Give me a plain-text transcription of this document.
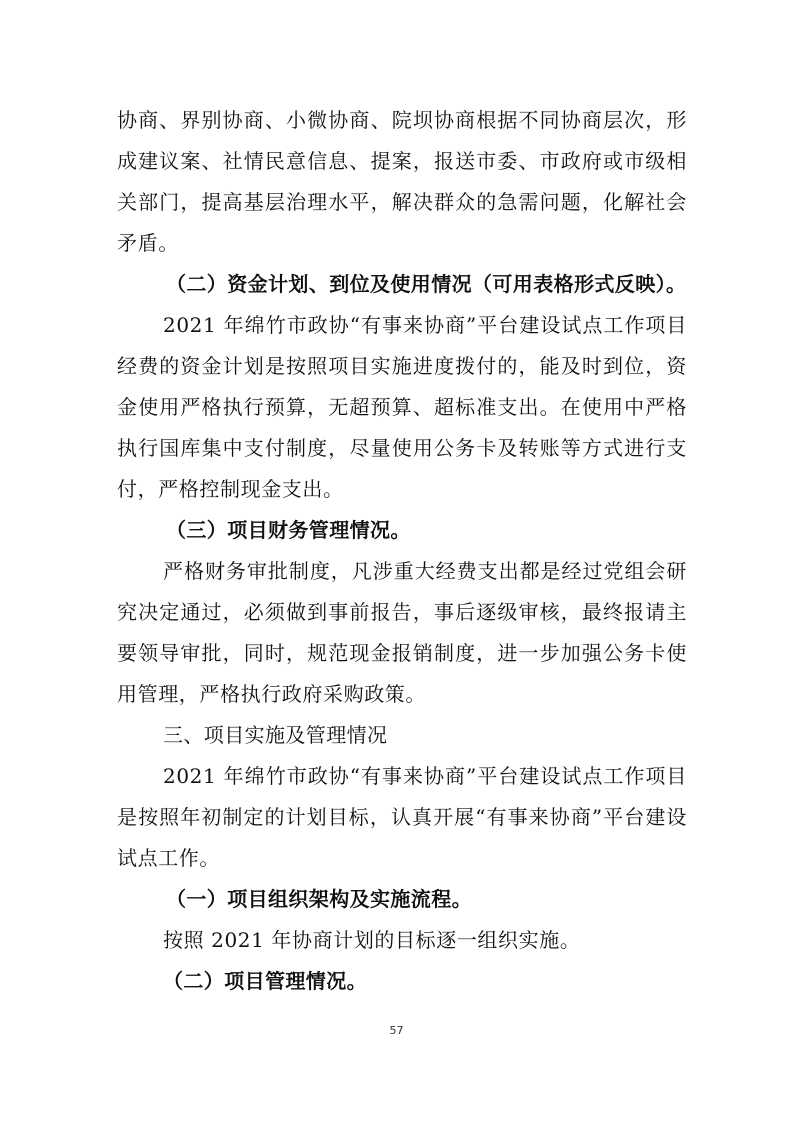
协商、界别协商、小微协商、院坝协商根据不同协商层次，形成建议案、社情民意信息、提案，报送市委、市政府或市级相关部门，提高基层治理水平，解决群众的急需问题，化解社会矛盾。

（二）资金计划、到位及使用情况（可用表格形式反映）。

2021 年绵竹市政协“有事来协商”平台建设试点工作项目经费的资金计划是按照项目实施进度拨付的，能及时到位，资金使用严格执行预算，无超预算、超标准支出。在使用中严格执行国库集中支付制度，尽量使用公务卡及转账等方式进行支付，严格控制现金支出。

（三）项目财务管理情况。

严格财务审批制度，凡涉重大经费支出都是经过党组会研究决定通过，必须做到事前报告，事后逐级审核，最终报请主要领导审批，同时，规范现金报销制度，进一步加强公务卡使用管理，严格执行政府采购政策。

三、项目实施及管理情况

2021 年绵竹市政协“有事来协商”平台建设试点工作项目是按照年初制定的计划目标，认真开展“有事来协商”平台建设试点工作。

（一）项目组织架构及实施流程。

按照 2021 年协商计划的目标逐一组织实施。

（二）项目管理情况。

57
